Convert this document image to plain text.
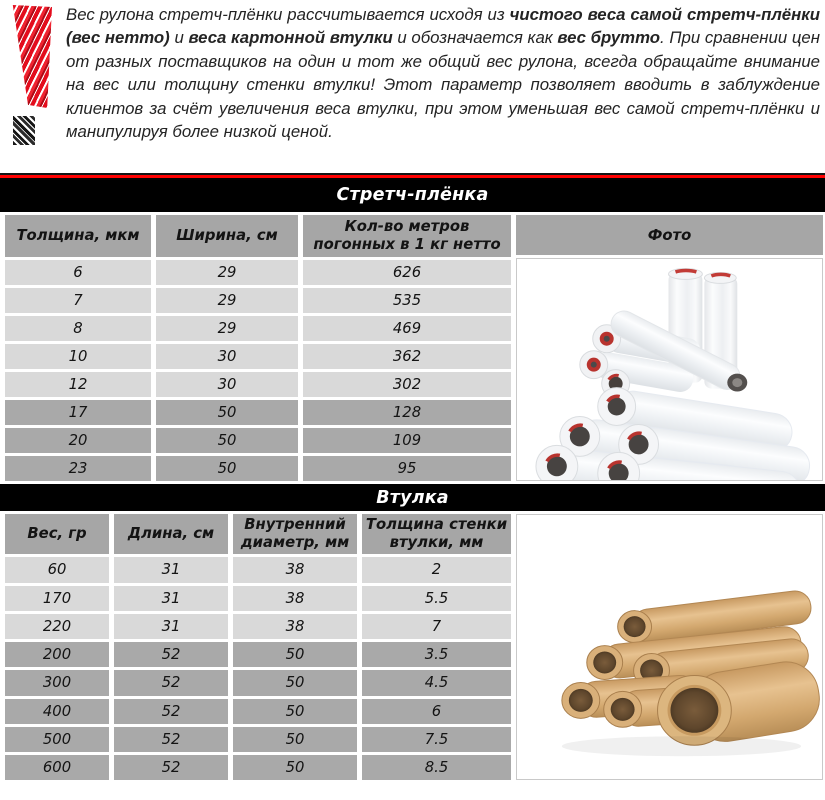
Вес рулона стретч-плёнки рассчитывается исходя из чистого веса самой стретч-плёнки (вес нетто) и веса картонной втулки и обозначается как вес брутто. При сравнении цен от разных поставщиков на один и тот же общий вес рулона, всегда обращайте внимание на вес или толщину стенки втулки! Этот параметр позволяет вводить в заблуждение клиентов за счёт увеличения веса втулки, при этом уменьшая вес самой стретч-плёнки и манипулируя более низкой ценой.

Стретч-плёнка
Толщина, мкм	Ширина, см	Кол-во метров погонных в 1 кг нетто
6	29	626
7	29	535
8	29	469
10	30	362
12	30	302
17	50	128
20	50	109
23	50	95
Фото
Втулка
Вес, гр	Длина, см	Внутренний диаметр, мм	Толщина стенки втулки, мм
60	31	38	2
170	31	38	5.5
220	31	38	7
200	52	50	3.5
300	52	50	4.5
400	52	50	6
500	52	50	7.5
600	52	50	8.5
